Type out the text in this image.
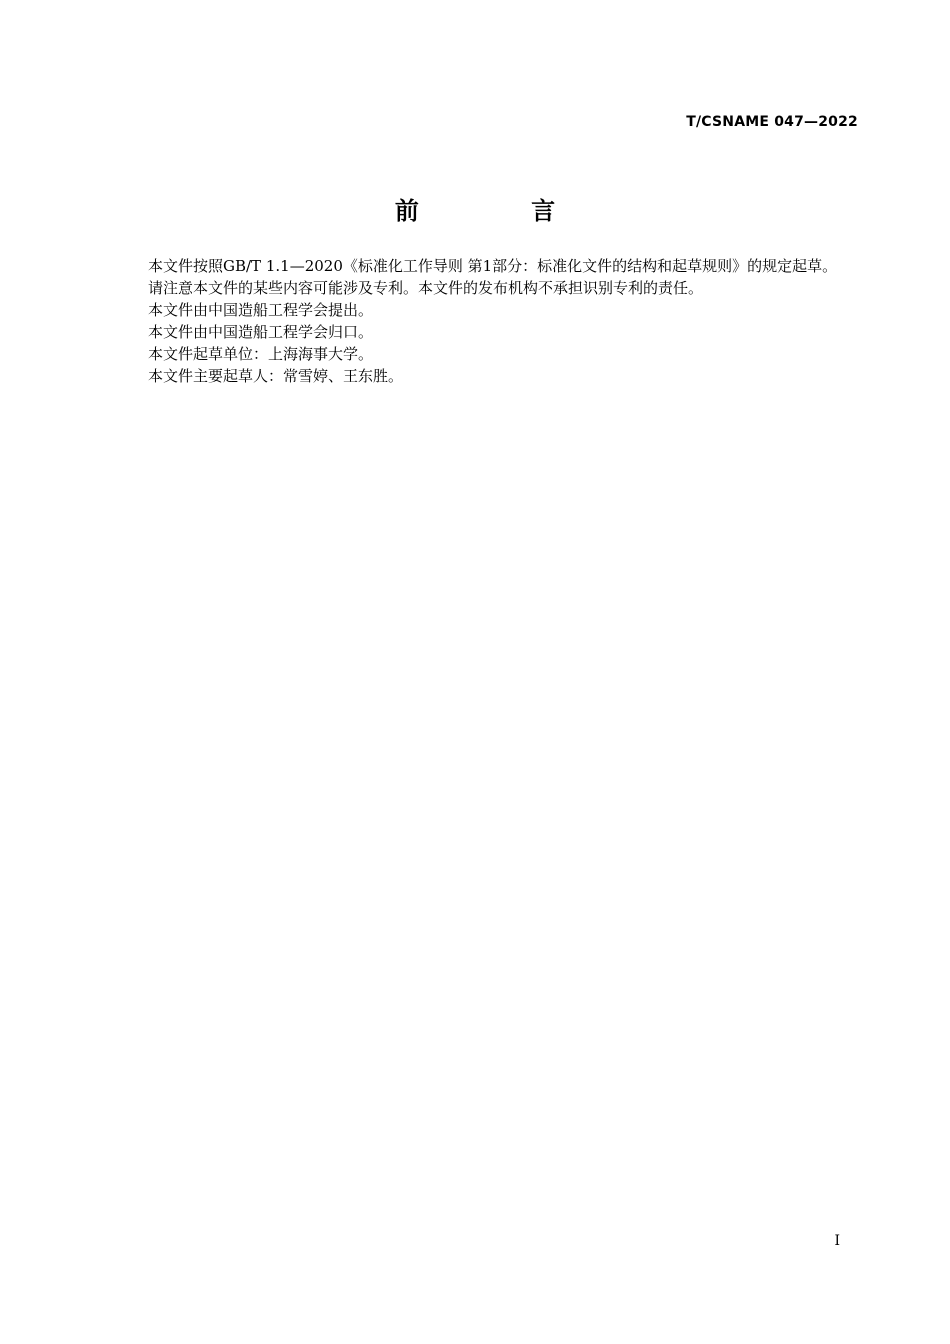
T/CSNAME 047—2022
前 言

本文件按照GB/T 1.1—2020《标准化工作导则 第1部分：标准化文件的结构和起草规则》的规定起草。

请注意本文件的某些内容可能涉及专利。本文件的发布机构不承担识别专利的责任。

本文件由中国造船工程学会提出。

本文件由中国造船工程学会归口。

本文件起草单位：上海海事大学。

本文件主要起草人：常雪婷、王东胜。

I
